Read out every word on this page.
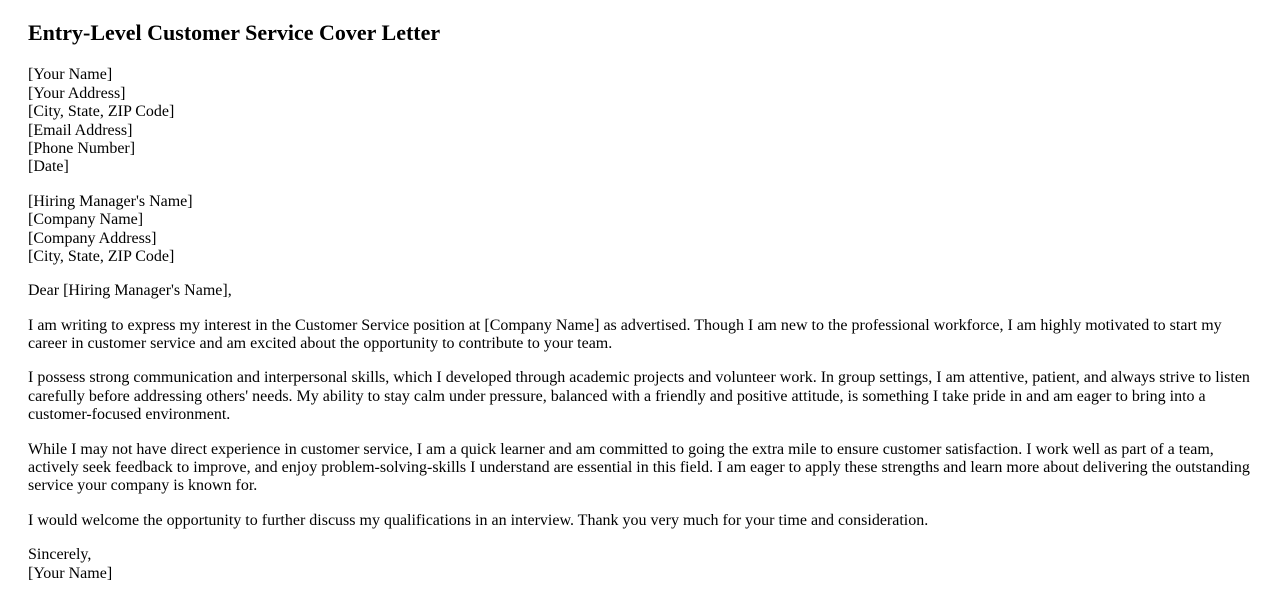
Entry-Level Customer Service Cover Letter

[Your Name]
[Your Address]
[City, State, ZIP Code]
[Email Address]
[Phone Number]
[Date]

[Hiring Manager's Name]
[Company Name]
[Company Address]
[City, State, ZIP Code]

Dear [Hiring Manager's Name],

I am writing to express my interest in the Customer Service position at [Company Name] as advertised. Though I am new to the professional workforce, I am highly motivated to start my career in customer service and am excited about the opportunity to contribute to your team.

I possess strong communication and interpersonal skills, which I developed through academic projects and volunteer work. In group settings, I am attentive, patient, and always strive to listen carefully before addressing others' needs. My ability to stay calm under pressure, balanced with a friendly and positive attitude, is something I take pride in and am eager to bring into a customer-focused environment.

While I may not have direct experience in customer service, I am a quick learner and am committed to going the extra mile to ensure customer satisfaction. I work well as part of a team, actively seek feedback to improve, and enjoy problem-solving-skills I understand are essential in this field. I am eager to apply these strengths and learn more about delivering the outstanding service your company is known for.

I would welcome the opportunity to further discuss my qualifications in an interview. Thank you very much for your time and consideration.

Sincerely,
[Your Name]
